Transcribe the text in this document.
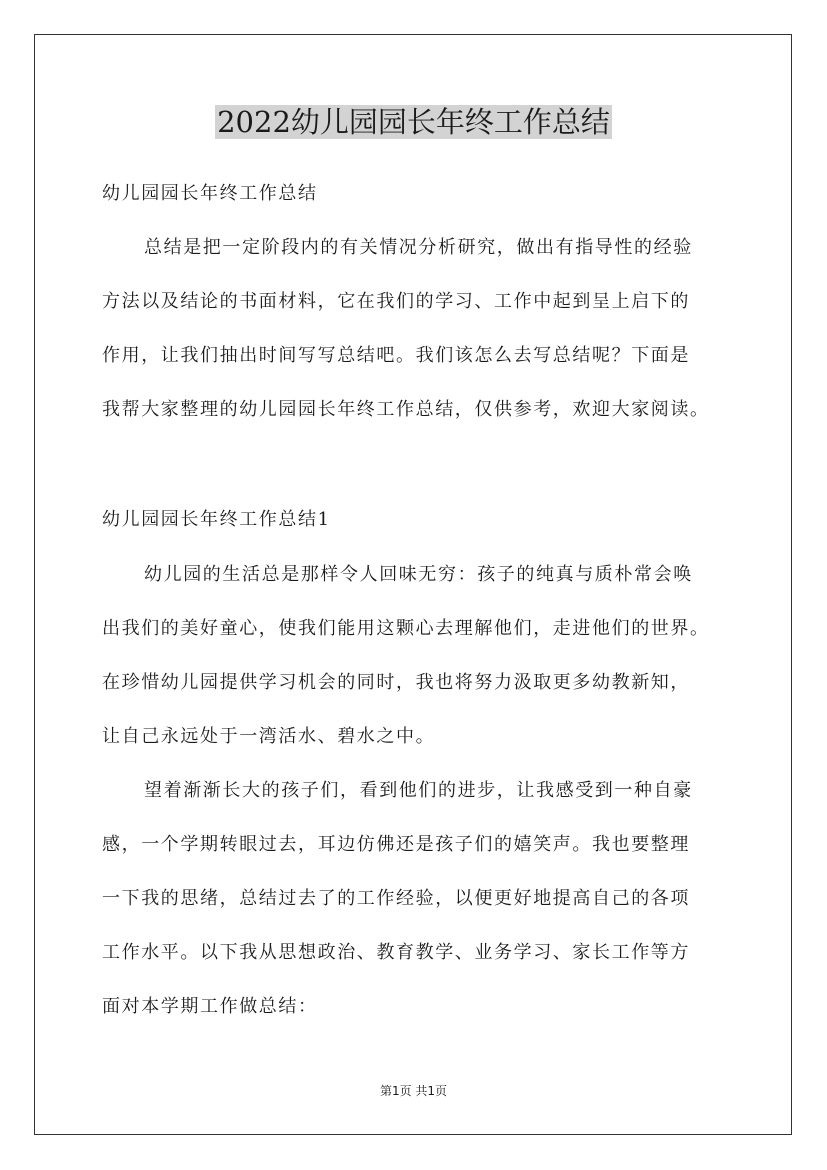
2022幼儿园园长年终工作总结
幼儿园园长年终工作总结
总结是把一定阶段内的有关情况分析研究，做出有指导性的经验
方法以及结论的书面材料，它在我们的学习、工作中起到呈上启下的
作用，让我们抽出时间写写总结吧。我们该怎么去写总结呢？下面是
我帮大家整理的幼儿园园长年终工作总结，仅供参考，欢迎大家阅读。
幼儿园园长年终工作总结1
幼儿园的生活总是那样令人回味无穷：孩子的纯真与质朴常会唤
出我们的美好童心，使我们能用这颗心去理解他们，走进他们的世界。
在珍惜幼儿园提供学习机会的同时，我也将努力汲取更多幼教新知，
让自己永远处于一湾活水、碧水之中。
望着渐渐长大的孩子们，看到他们的进步，让我感受到一种自豪
感，一个学期转眼过去，耳边仿佛还是孩子们的嬉笑声。我也要整理
一下我的思绪，总结过去了的工作经验，以便更好地提高自己的各项
工作水平。以下我从思想政治、教育教学、业务学习、家长工作等方
面对本学期工作做总结：
第1页 共1页
